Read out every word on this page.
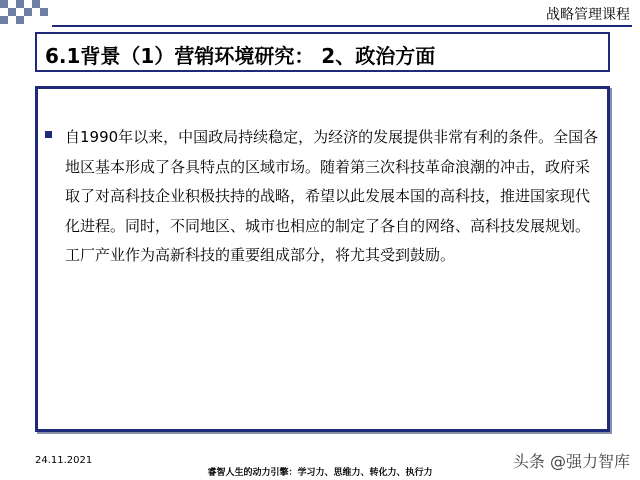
战略管理课程
6.1背景（1）营销环境研究： 2、政治方面
自1990年以来，中国政局持续稳定，为经济的发展提供非常有利的条件。全国各地区基本形成了各具特点的区域市场。随着第三次科技革命浪潮的冲击，政府采取了对高科技企业积极扶持的战略，希望以此发展本国的高科技，推进国家现代化进程。同时，不同地区、城市也相应的制定了各自的网络、高科技发展规划。工厂产业作为高新科技的重要组成部分，将尤其受到鼓励。
24.11.2021
睿智人生的动力引擎：学习力、思维力、转化力、执行力
头条 @强力智库
